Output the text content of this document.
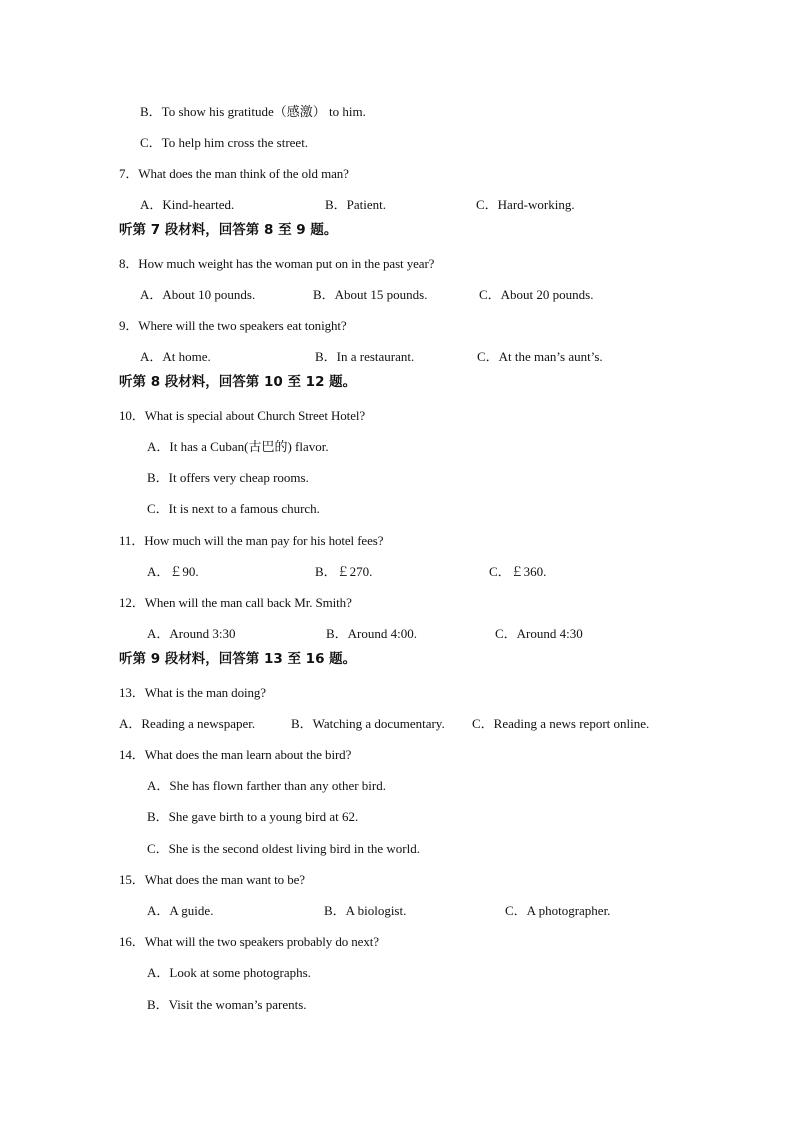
B．To show his gratitude（感激） to him.
C．To help him cross the street.
7．What does the man think of the old man?
A．Kind-hearted.	B．Patient.	C．Hard-working.
听第 7 段材料，回答第 8 至 9 题。
8．How much weight has the woman put on in the past year?
A．About 10 pounds.	B．About 15 pounds.	C．About 20 pounds.
9．Where will the two speakers eat tonight?
A．At home.	B．In a restaurant.	C．At the man’s aunt’s.
听第 8 段材料，回答第 10 至 12 题。
10．What is special about Church Street Hotel?
A．It has a Cuban(古巴的) flavor.
B．It offers very cheap rooms.
C．It is next to a famous church.
11．How much will the man pay for his hotel fees?
A．￡90.	B．￡270.	C．￡360.
12．When will the man call back Mr. Smith?
A．Around 3:30	B．Around 4:00.	C．Around 4:30
听第 9 段材料，回答第 13 至 16 题。
13．What is the man doing?
A．Reading a newspaper.	B．Watching a documentary. C．Reading a news report online.
14．What does the man learn about the bird?
A．She has flown farther than any other bird.
B．She gave birth to a young bird at 62.
C．She is the second oldest living bird in the world.
15．What does the man want to be?
A．A guide.	B．A biologist.	C．A photographer.
16．What will the two speakers probably do next?
A．Look at some photographs.
B．Visit the woman’s parents.
